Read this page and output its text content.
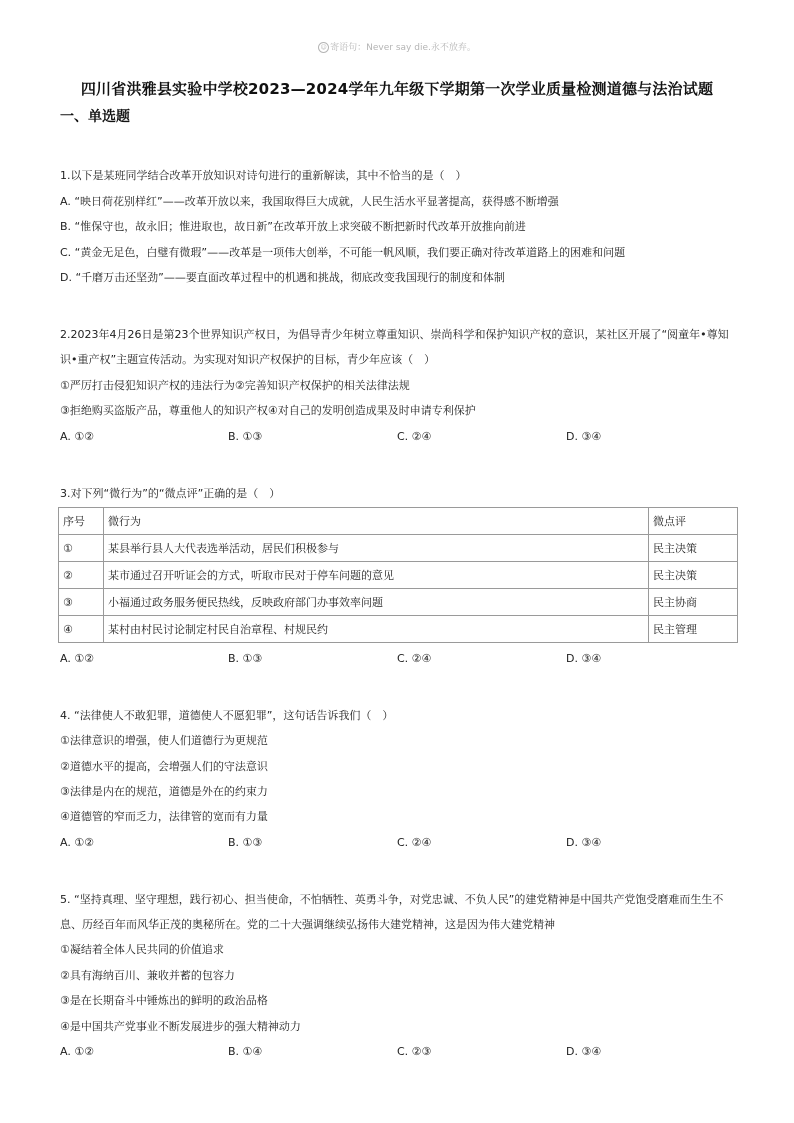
☺ 寄语句：Never say die.永不放弃。
四川省洪雅县实验中学校2023—2024学年九年级下学期第一次学业质量检测道德与法治试题
一、单选题
1.以下是某班同学结合改革开放知识对诗句进行的重新解读，其中不恰当的是（　）
A. “映日荷花别样红”——改革开放以来，我国取得巨大成就，人民生活水平显著提高，获得感不断增强
B. “惟保守也，故永旧；惟进取也，故日新”在改革开放上求突破不断把新时代改革开放推向前进
C. “黄金无足色，白璧有微瑕”——改革是一项伟大创举，不可能一帆风顺，我们要正确对待改革道路上的困难和问题
D. “千磨万击还坚劲”——要直面改革过程中的机遇和挑战，彻底改变我国现行的制度和体制
2.2023年4月26日是第23个世界知识产权日，为倡导青少年树立尊重知识、崇尚科学和保护知识产权的意识，某社区开展了“阅童年•尊知
识•重产权”主题宣传活动。为实现对知识产权保护的目标，青少年应该（　）
①严厉打击侵犯知识产权的违法行为②完善知识产权保护的相关法律法规
③拒绝购买盗版产品，尊重他人的知识产权④对自己的发明创造成果及时申请专利保护
A. ①②	B. ①③	C. ②④	D. ③④
3.对下列“微行为”的“微点评”正确的是（　）
序号	微行为	微点评
①	某县举行县人大代表选举活动，居民们积极参与	民主决策
②	某市通过召开听证会的方式，听取市民对于停车问题的意见	民主决策
③	小福通过政务服务便民热线，反映政府部门办事效率问题	民主协商
④	某村由村民讨论制定村民自治章程、村规民约	民主管理
A. ①②	B. ①③	C. ②④	D. ③④
4. “法律使人不敢犯罪，道德使人不愿犯罪”，这句话告诉我们（　）
①法律意识的增强，使人们道德行为更规范
②道德水平的提高，会增强人们的守法意识
③法律是内在的规范，道德是外在的约束力
④道德管的窄而乏力，法律管的宽而有力量
A. ①②	B. ①③	C. ②④	D. ③④
5. “坚持真理、坚守理想，践行初心、担当使命，不怕牺牲、英勇斗争，对党忠诚、不负人民”的建党精神是中国共产党饱受磨难而生生不
息、历经百年而风华正茂的奥秘所在。党的二十大强调继续弘扬伟大建党精神，这是因为伟大建党精神
①凝结着全体人民共同的价值追求
②具有海纳百川、兼收并蓄的包容力
③是在长期奋斗中锤炼出的鲜明的政治品格
④是中国共产党事业不断发展进步的强大精神动力
A. ①②	B. ①④	C. ②③	D. ③④
